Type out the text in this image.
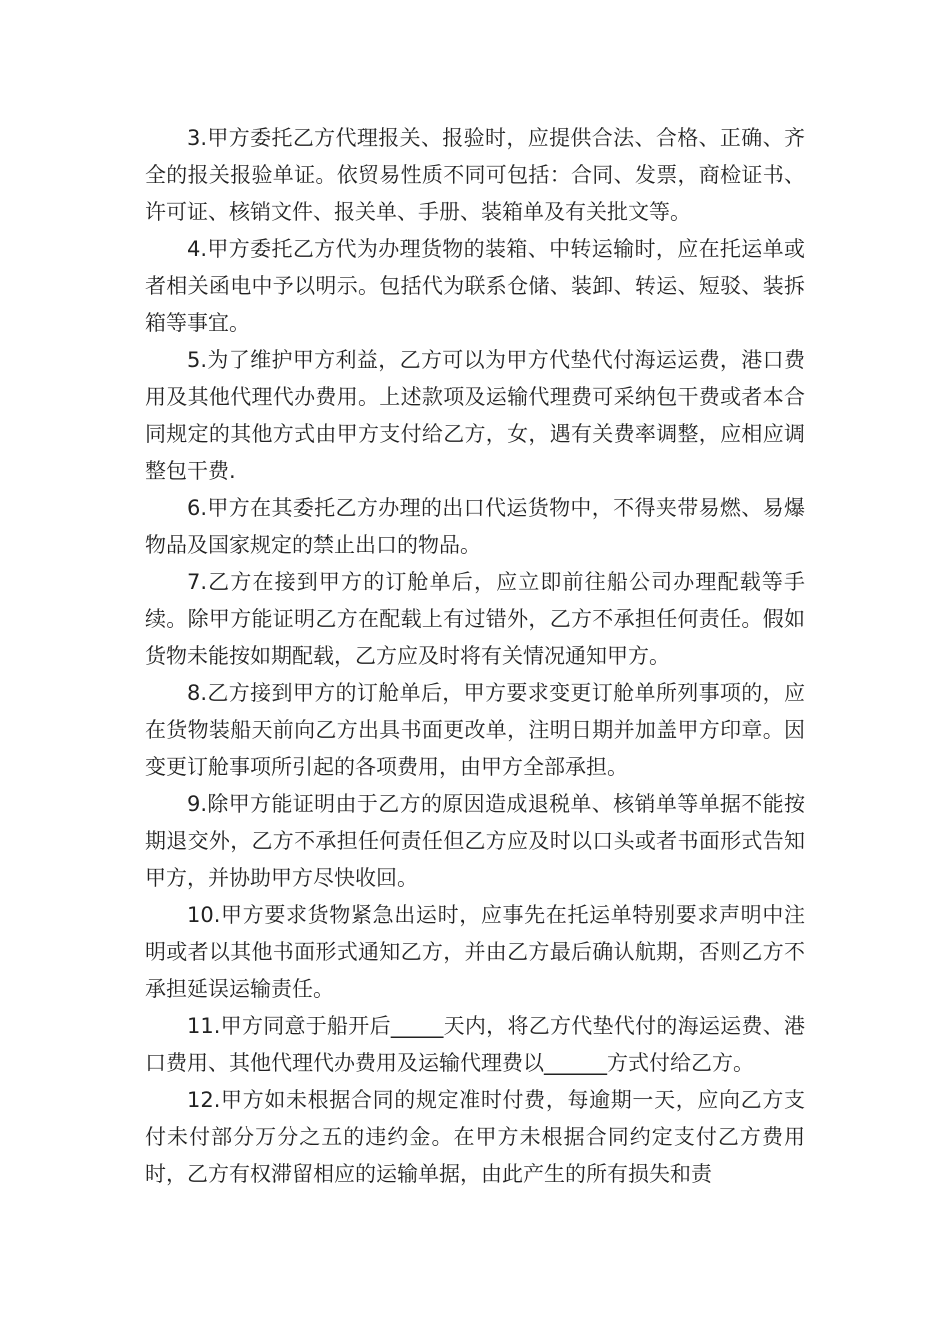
3.甲方委托乙方代理报关、报验时，应提供合法、合格、正确、齐全的报关报验单证。依贸易性质不同可包括：合同、发票，商检证书、许可证、核销文件、报关单、手册、装箱单及有关批文等。

4.甲方委托乙方代为办理货物的装箱、中转运输时，应在托运单或者相关函电中予以明示。包括代为联系仓储、装卸、转运、短驳、装拆箱等事宜。

5.为了维护甲方利益，乙方可以为甲方代垫代付海运运费，港口费用及其他代理代办费用。上述款项及运输代理费可采纳包干费或者本合同规定的其他方式由甲方支付给乙方，女，遇有关费率调整，应相应调整包干费.

6.甲方在其委托乙方办理的出口代运货物中，不得夹带易燃、易爆物品及国家规定的禁止出口的物品。

7.乙方在接到甲方的订舱单后，应立即前往船公司办理配载等手续。除甲方能证明乙方在配载上有过错外，乙方不承担任何责任。假如货物未能按如期配载，乙方应及时将有关情况通知甲方。

8.乙方接到甲方的订舱单后，甲方要求变更订舱单所列事项的，应在货物装船天前向乙方出具书面更改单，注明日期并加盖甲方印章。因变更订舱事项所引起的各项费用，由甲方全部承担。

9.除甲方能证明由于乙方的原因造成退税单、核销单等单据不能按期退交外，乙方不承担任何责任但乙方应及时以口头或者书面形式告知甲方，并协助甲方尽快收回。

10.甲方要求货物紧急出运时，应事先在托运单特别要求声明中注明或者以其他书面形式通知乙方，并由乙方最后确认航期，否则乙方不承担延误运输责任。

11.甲方同意于船开后_____天内，将乙方代垫代付的海运运费、港口费用、其他代理代办费用及运输代理费以______方式付给乙方。

12.甲方如未根据合同的规定准时付费，每逾期一天，应向乙方支付未付部分万分之五的违约金。在甲方未根据合同约定支付乙方费用时，乙方有权滞留相应的运输单据，由此产生的所有损失和责
